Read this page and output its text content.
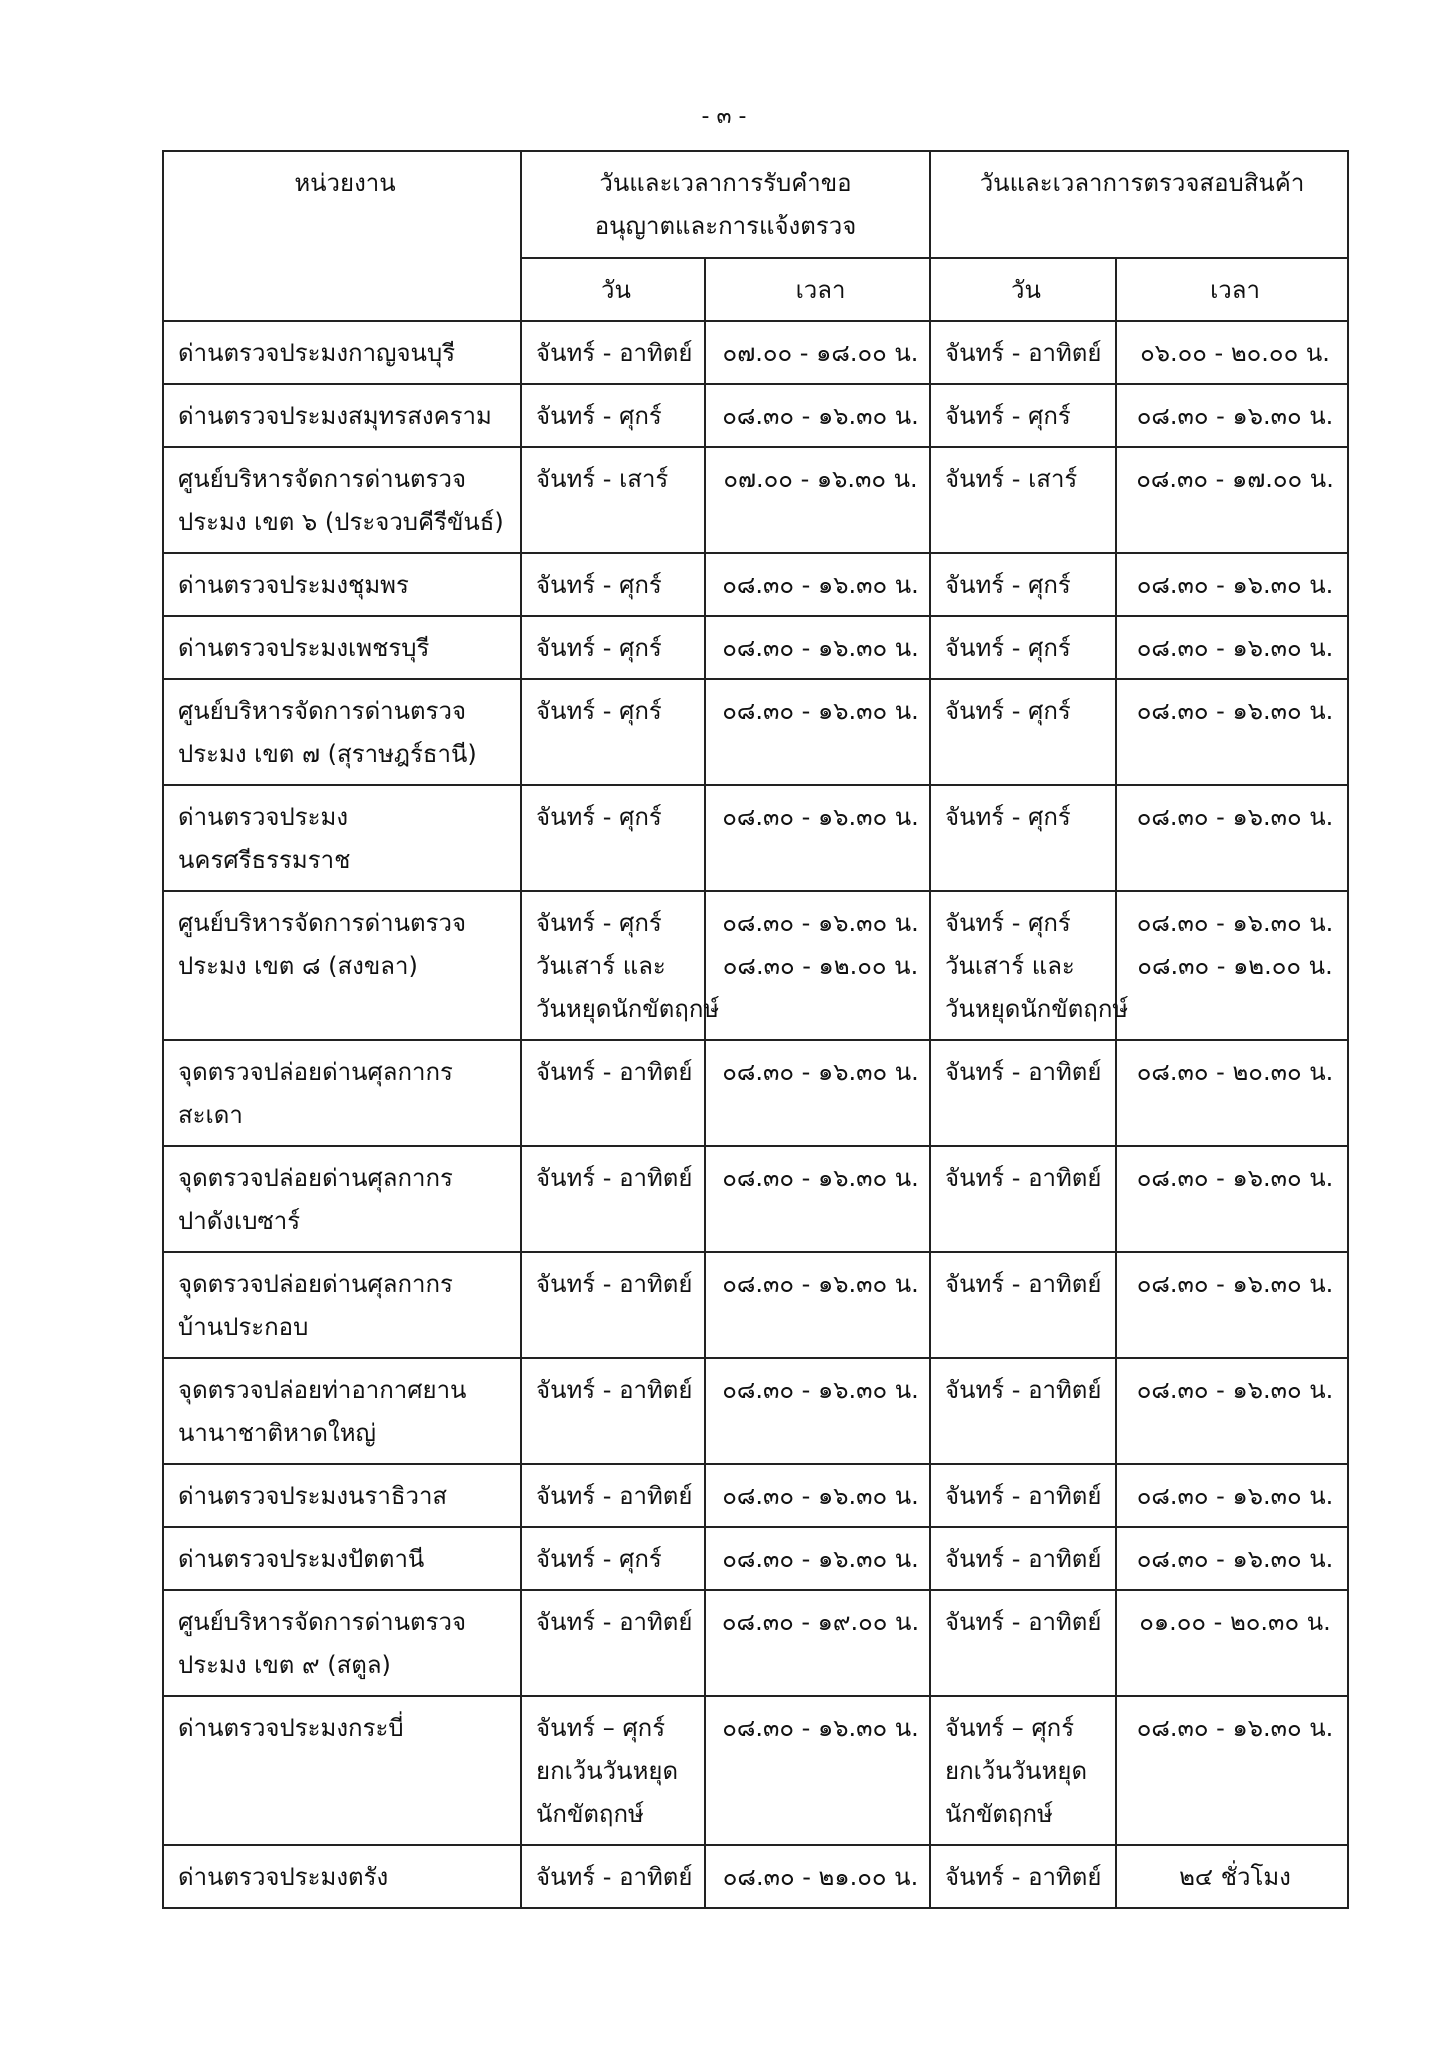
- ๓ -
หน่วยงาน	วันและเวลาการรับคำขออนุญาตและการแจ้งตรวจ		วันและเวลาการตรวจสอบสินค้า	
	วัน	เวลา	วัน	เวลา

ด่านตรวจประมงกาญจนบุรี	จันทร์ - อาทิตย์	๐๗.๐๐ - ๑๘.๐๐ น.	จันทร์ - อาทิตย์	๐๖.๐๐ - ๒๐.๐๐ น.

ด่านตรวจประมงสมุทรสงคราม	จันทร์ - ศุกร์	๐๘.๓๐ - ๑๖.๓๐ น.	จันทร์ - ศุกร์	๐๘.๓๐ - ๑๖.๓๐ น.

ศูนย์บริหารจัดการด่านตรวจ
ประมง เขต ๖ (ประจวบคีรีขันธ์)	จันทร์ - เสาร์	๐๗.๐๐ - ๑๖.๓๐ น.	จันทร์ - เสาร์	๐๘.๓๐ - ๑๗.๐๐ น.

ด่านตรวจประมงชุมพร	จันทร์ - ศุกร์	๐๘.๓๐ - ๑๖.๓๐ น.	จันทร์ - ศุกร์	๐๘.๓๐ - ๑๖.๓๐ น.

ด่านตรวจประมงเพชรบุรี	จันทร์ - ศุกร์	๐๘.๓๐ - ๑๖.๓๐ น.	จันทร์ - ศุกร์	๐๘.๓๐ - ๑๖.๓๐ น.

ศูนย์บริหารจัดการด่านตรวจ
ประมง เขต ๗ (สุราษฎร์ธานี)	จันทร์ - ศุกร์	๐๘.๓๐ - ๑๖.๓๐ น.	จันทร์ - ศุกร์	๐๘.๓๐ - ๑๖.๓๐ น.

ด่านตรวจประมงนครศรีธรรมราช	จันทร์ - ศุกร์	๐๘.๓๐ - ๑๖.๓๐ น.	จันทร์ - ศุกร์	๐๘.๓๐ - ๑๖.๓๐ น.

ศูนย์บริหารจัดการด่านตรวจ
ประมง เขต ๘ (สงขลา)	จันทร์ - ศุกร์
วันเสาร์ และ
วันหยุดนักขัตฤกษ์	๐๘.๓๐ - ๑๖.๓๐ น.
๐๘.๓๐ - ๑๒.๐๐ น.	จันทร์ - ศุกร์
วันเสาร์ และ
วันหยุดนักขัตฤกษ์	๐๘.๓๐ - ๑๖.๓๐ น.
๐๘.๓๐ - ๑๒.๐๐ น.

จุดตรวจปล่อยด่านศุลกากร
สะเดา	จันทร์ - อาทิตย์	๐๘.๓๐ - ๑๖.๓๐ น.	จันทร์ - อาทิตย์	๐๘.๓๐ - ๒๐.๓๐ น.

จุดตรวจปล่อยด่านศุลกากร
ปาดังเบซาร์	จันทร์ - อาทิตย์	๐๘.๓๐ - ๑๖.๓๐ น.	จันทร์ - อาทิตย์	๐๘.๓๐ - ๑๖.๓๐ น.

จุดตรวจปล่อยด่านศุลกากร
บ้านประกอบ	จันทร์ - อาทิตย์	๐๘.๓๐ - ๑๖.๓๐ น.	จันทร์ - อาทิตย์	๐๘.๓๐ - ๑๖.๓๐ น.

จุดตรวจปล่อยท่าอากาศยาน
นานาชาติหาดใหญ่	จันทร์ - อาทิตย์	๐๘.๓๐ - ๑๖.๓๐ น.	จันทร์ - อาทิตย์	๐๘.๓๐ - ๑๖.๓๐ น.

ด่านตรวจประมงนราธิวาส	จันทร์ - อาทิตย์	๐๘.๓๐ - ๑๖.๓๐ น.	จันทร์ - อาทิตย์	๐๘.๓๐ - ๑๖.๓๐ น.

ด่านตรวจประมงปัตตานี	จันทร์ - ศุกร์	๐๘.๓๐ - ๑๖.๓๐ น.	จันทร์ - อาทิตย์	๐๘.๓๐ - ๑๖.๓๐ น.

ศูนย์บริหารจัดการด่านตรวจ
ประมง เขต ๙ (สตูล)	จันทร์ - อาทิตย์	๐๘.๓๐ - ๑๙.๐๐ น.	จันทร์ - อาทิตย์	๐๑.๐๐ - ๒๐.๓๐ น.

ด่านตรวจประมงกระบี่	จันทร์ – ศุกร์
ยกเว้นวันหยุด
นักขัตฤกษ์	๐๘.๓๐ - ๑๖.๓๐ น.	จันทร์ – ศุกร์
ยกเว้นวันหยุด
นักขัตฤกษ์	๐๘.๓๐ - ๑๖.๓๐ น.

ด่านตรวจประมงตรัง	จันทร์ - อาทิตย์	๐๘.๓๐ - ๒๑.๐๐ น.	จันทร์ - อาทิตย์	๒๔ ชั่วโมง
